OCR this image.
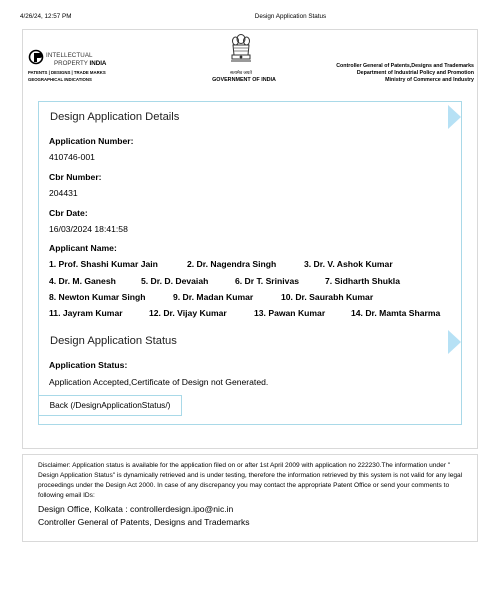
4/26/24, 12:57 PM	Design Application Status
INTELLECTUAL
PROPERTY INDIA
PATENTS | DESIGNS | TRADE MARKS
GEOGRAPHICAL INDICATIONS
सत्यमेव जयते
GOVERNMENT OF INDIA
Controller General of Patents,Designs and Trademarks
Department of Industrial Policy and Promotion
Ministry of Commerce and Industry
Design Application Details
Application Number:
410746-001
Cbr Number:
204431
Cbr Date:
16/03/2024 18:41:58
Applicant Name:
1. Prof. Shashi Kumar Jain	2. Dr. Nagendra Singh	3. Dr. V. Ashok Kumar
4. Dr. M. Ganesh	5. Dr. D. Devaiah	6. Dr T. Srinivas	7. Sidharth Shukla
8. Newton Kumar Singh	9. Dr. Madan Kumar	10. Dr. Saurabh Kumar
11. Jayram Kumar	12. Dr. Vijay Kumar	13. Pawan Kumar	14. Dr. Mamta Sharma
Design Application Status
Application Status:
Application Accepted,Certificate of Design not Generated.
Back (/DesignApplicationStatus/)
Disclaimer: Application status is available for the application filed on or after 1st April 2009 with application no 222230.The information under " Design Application Status" is dynamically retrieved and is under testing, therefore the information retrieved by this system is not valid for any legal proceedings under the Design Act 2000. In case of any discrepancy you may contact the appropriate Patent Office or send your comments to following email IDs:
Design Office, Kolkata : controllerdesign.ipo@nic.in
Controller General of Patents, Designs and Trademarks
